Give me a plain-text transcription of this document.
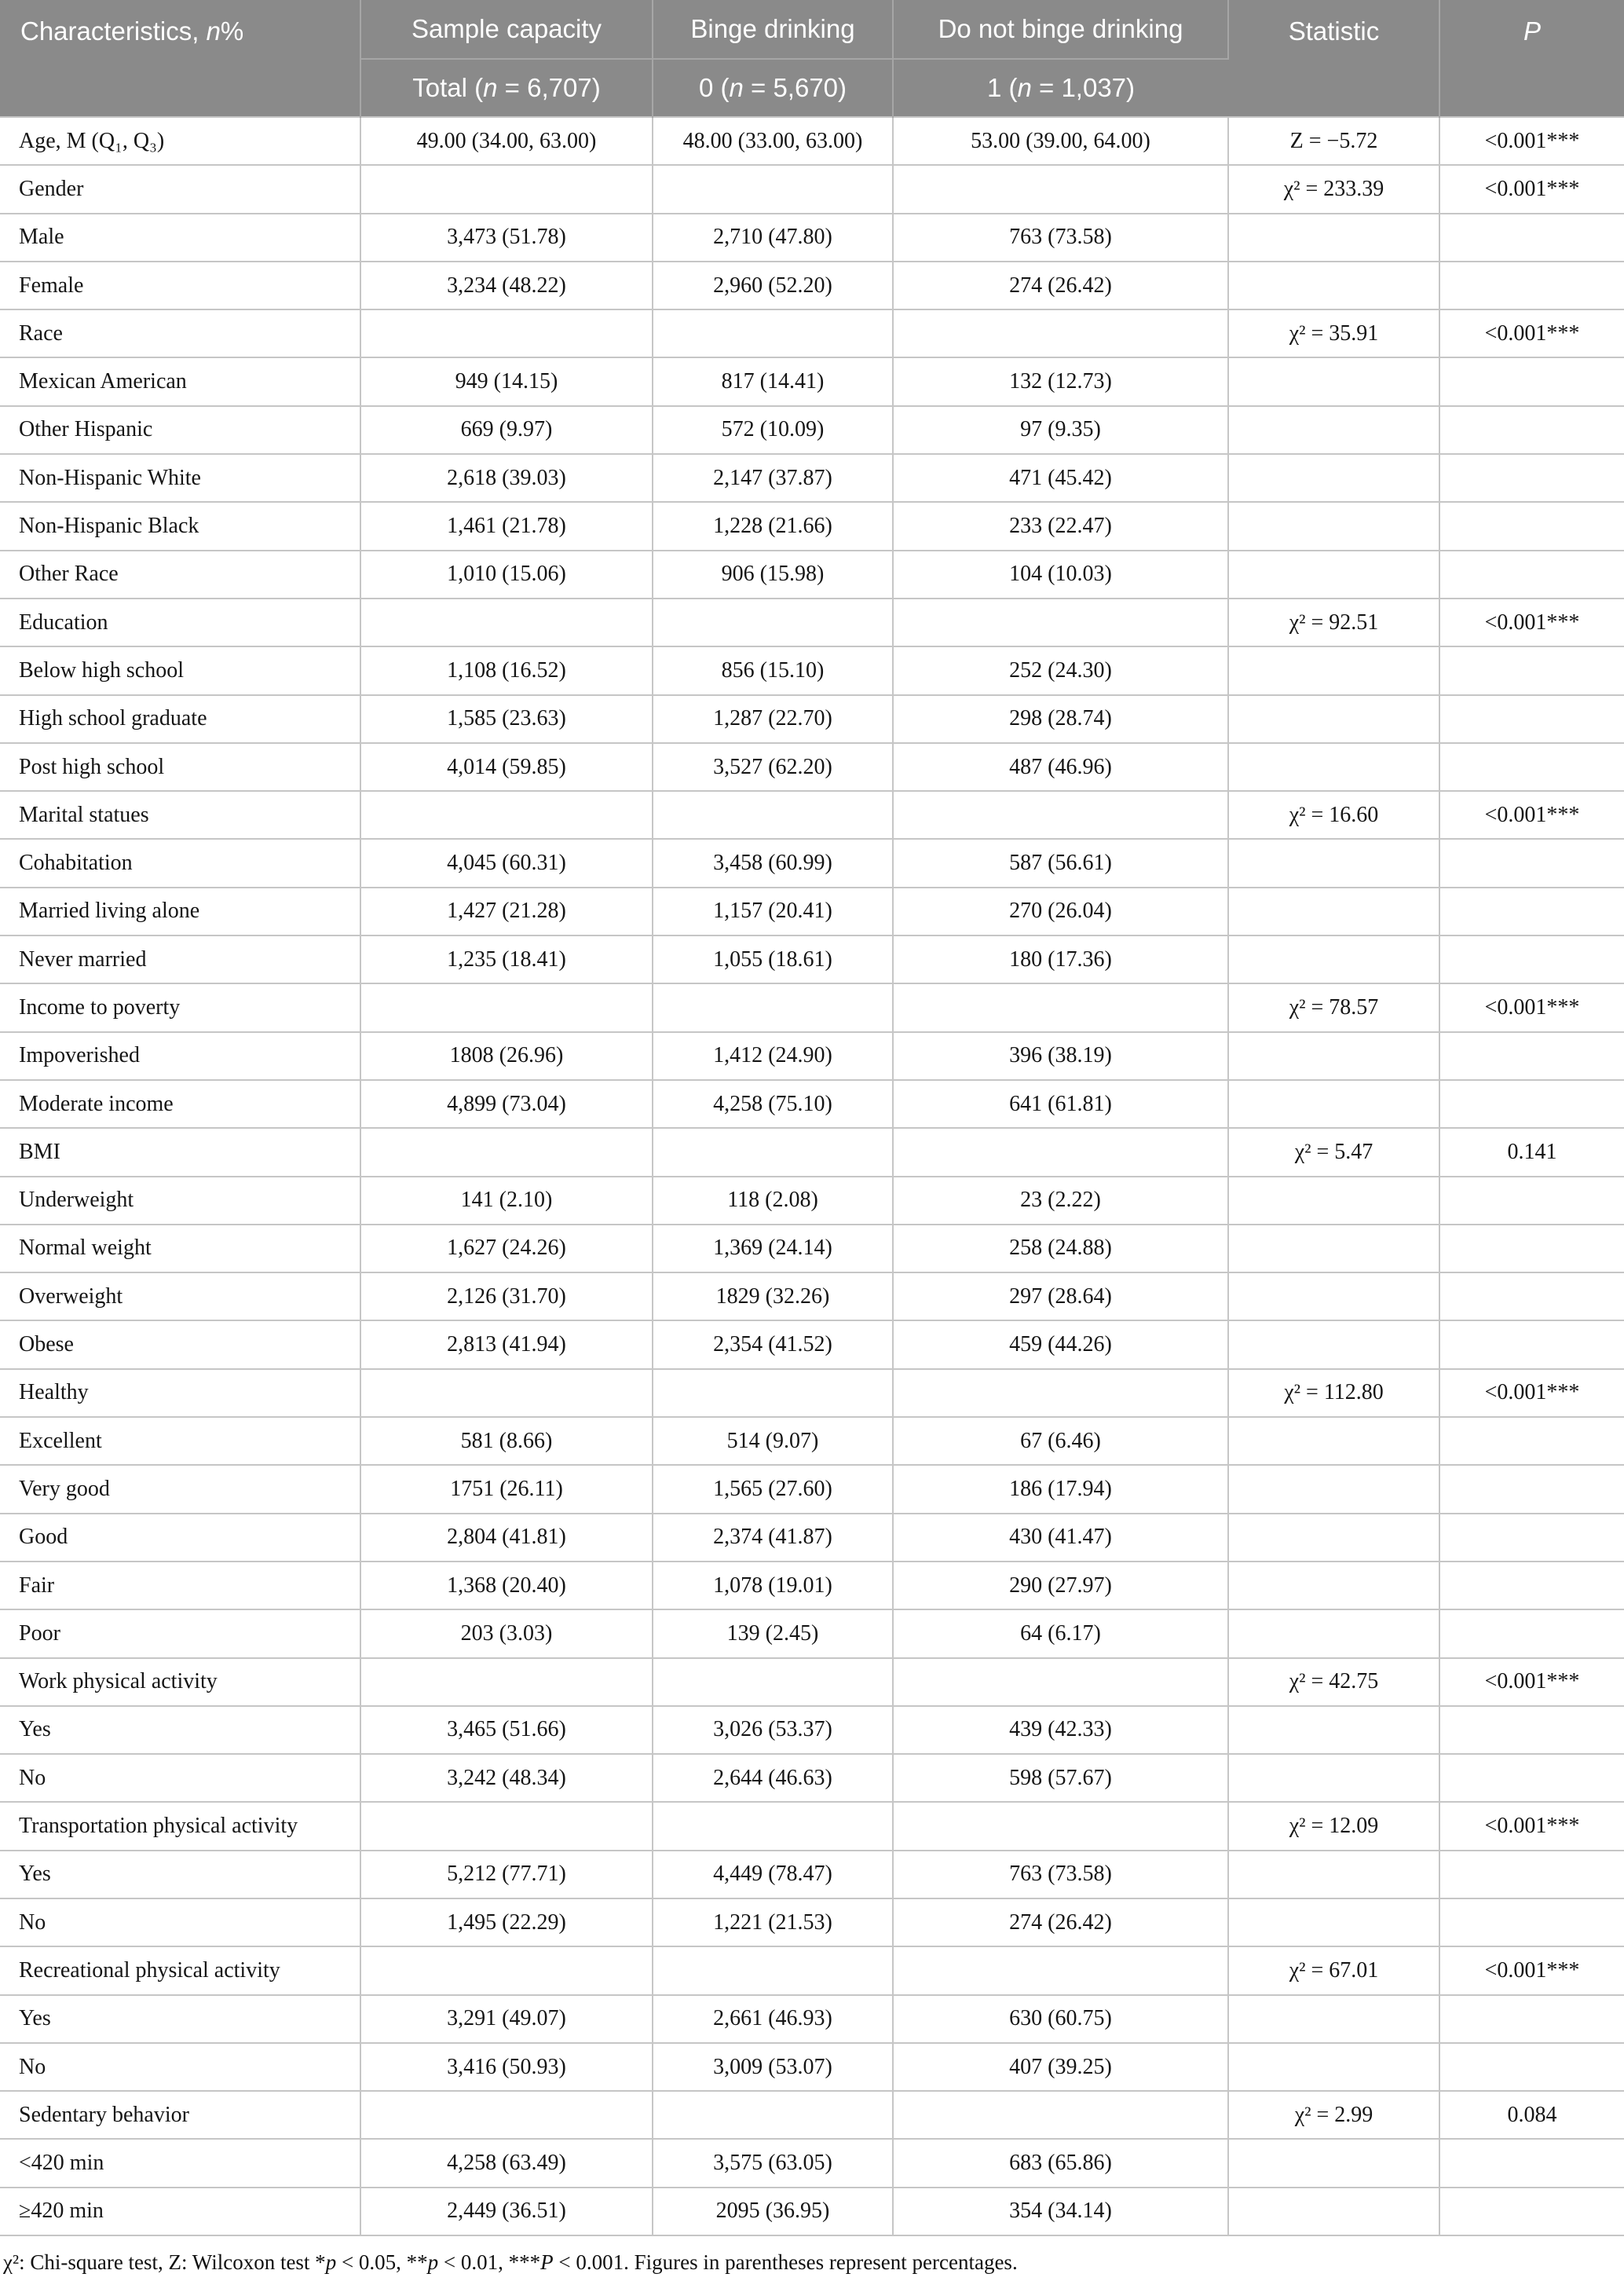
Characteristics, n%	Sample capacity	Binge drinking	Do not binge drinking	Statistic	P
	Total (n = 6,707)	0 (n = 5,670)	1 (n = 1,037)		
Age, M (Q₁, Q₃)	49.00 (34.00, 63.00)	48.00 (33.00, 63.00)	53.00 (39.00, 64.00)	Z = −5.72	<0.001***
Gender				χ² = 233.39	<0.001***
Male	3,473 (51.78)	2,710 (47.80)	763 (73.58)		
Female	3,234 (48.22)	2,960 (52.20)	274 (26.42)		
Race				χ² = 35.91	<0.001***
Mexican American	949 (14.15)	817 (14.41)	132 (12.73)		
Other Hispanic	669 (9.97)	572 (10.09)	97 (9.35)		
Non-Hispanic White	2,618 (39.03)	2,147 (37.87)	471 (45.42)		
Non-Hispanic Black	1,461 (21.78)	1,228 (21.66)	233 (22.47)		
Other Race	1,010 (15.06)	906 (15.98)	104 (10.03)		
Education				χ² = 92.51	<0.001***
Below high school	1,108 (16.52)	856 (15.10)	252 (24.30)		
High school graduate	1,585 (23.63)	1,287 (22.70)	298 (28.74)		
Post high school	4,014 (59.85)	3,527 (62.20)	487 (46.96)		
Marital statues				χ² = 16.60	<0.001***
Cohabitation	4,045 (60.31)	3,458 (60.99)	587 (56.61)		
Married living alone	1,427 (21.28)	1,157 (20.41)	270 (26.04)		
Never married	1,235 (18.41)	1,055 (18.61)	180 (17.36)		
Income to poverty				χ² = 78.57	<0.001***
Impoverished	1808 (26.96)	1,412 (24.90)	396 (38.19)		
Moderate income	4,899 (73.04)	4,258 (75.10)	641 (61.81)		
BMI				χ² = 5.47	0.141
Underweight	141 (2.10)	118 (2.08)	23 (2.22)		
Normal weight	1,627 (24.26)	1,369 (24.14)	258 (24.88)		
Overweight	2,126 (31.70)	1829 (32.26)	297 (28.64)		
Obese	2,813 (41.94)	2,354 (41.52)	459 (44.26)		
Healthy				χ² = 112.80	<0.001***
Excellent	581 (8.66)	514 (9.07)	67 (6.46)		
Very good	1751 (26.11)	1,565 (27.60)	186 (17.94)		
Good	2,804 (41.81)	2,374 (41.87)	430 (41.47)		
Fair	1,368 (20.40)	1,078 (19.01)	290 (27.97)		
Poor	203 (3.03)	139 (2.45)	64 (6.17)		
Work physical activity				χ² = 42.75	<0.001***
Yes	3,465 (51.66)	3,026 (53.37)	439 (42.33)		
No	3,242 (48.34)	2,644 (46.63)	598 (57.67)		
Transportation physical activity				χ² = 12.09	<0.001***
Yes	5,212 (77.71)	4,449 (78.47)	763 (73.58)		
No	1,495 (22.29)	1,221 (21.53)	274 (26.42)		
Recreational physical activity				χ² = 67.01	<0.001***
Yes	3,291 (49.07)	2,661 (46.93)	630 (60.75)		
No	3,416 (50.93)	3,009 (53.07)	407 (39.25)		
Sedentary behavior				χ² = 2.99	0.084
<420 min	4,258 (63.49)	3,575 (63.05)	683 (65.86)		
≥420 min	2,449 (36.51)	2095 (36.95)	354 (34.14)		
χ²: Chi-square test, Z: Wilcoxon test *p < 0.05, **p < 0.01, ***P < 0.001. Figures in parentheses represent percentages.
